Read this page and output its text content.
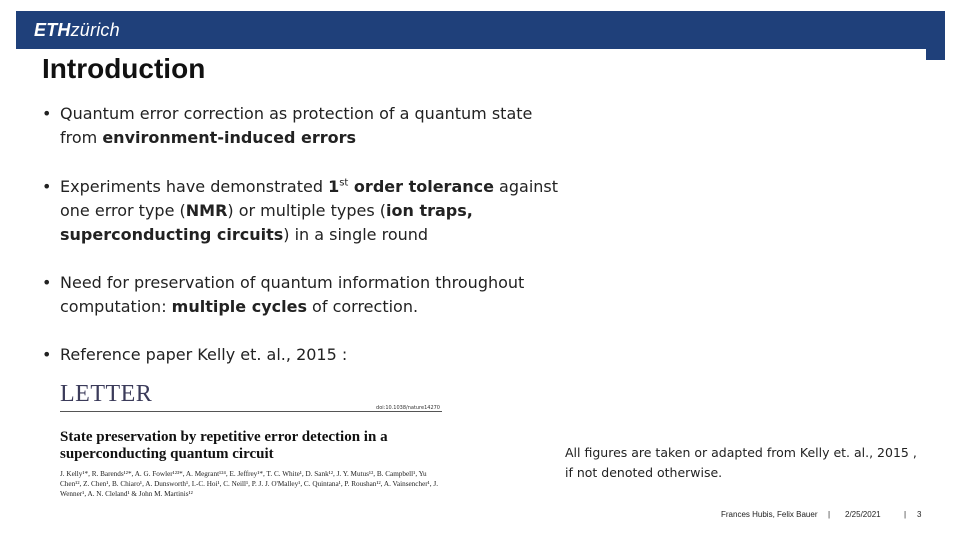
ETHzürich
Introduction
• Quantum error correction as protection of a quantum state
from environment-induced errors
• Experiments have demonstrated 1st order tolerance against
one error type (NMR) or multiple types (ion traps,
superconducting circuits) in a single round
• Need for preservation of quantum information throughout
computation: multiple cycles of correction.
• Reference paper Kelly et. al., 2015 :
LETTER
doi:10.1038/nature14270
State preservation by repetitive error detection in a superconducting quantum circuit
J. Kelly¹*, R. Barends¹²*, A. G. Fowler¹²³*, A. Megrant¹²⁴, E. Jeffrey¹*, T. C. White¹, D. Sank¹², J. Y. Mutus¹², B. Campbell¹, Yu Chen¹², Z. Chen¹, B. Chiaro¹, A. Dunsworth¹, I.-C. Hoi¹, C. Neill¹, P. J. J. O'Malley¹, C. Quintana¹, P. Roushan¹², A. Vainsencher¹, J. Wenner¹, A. N. Cleland¹ & John M. Martinis¹²
All figures are taken or adapted from Kelly et. al., 2015 ,
if not denoted otherwise.
Frances Hubis, Felix Bauer | 2/25/2021	| 3
